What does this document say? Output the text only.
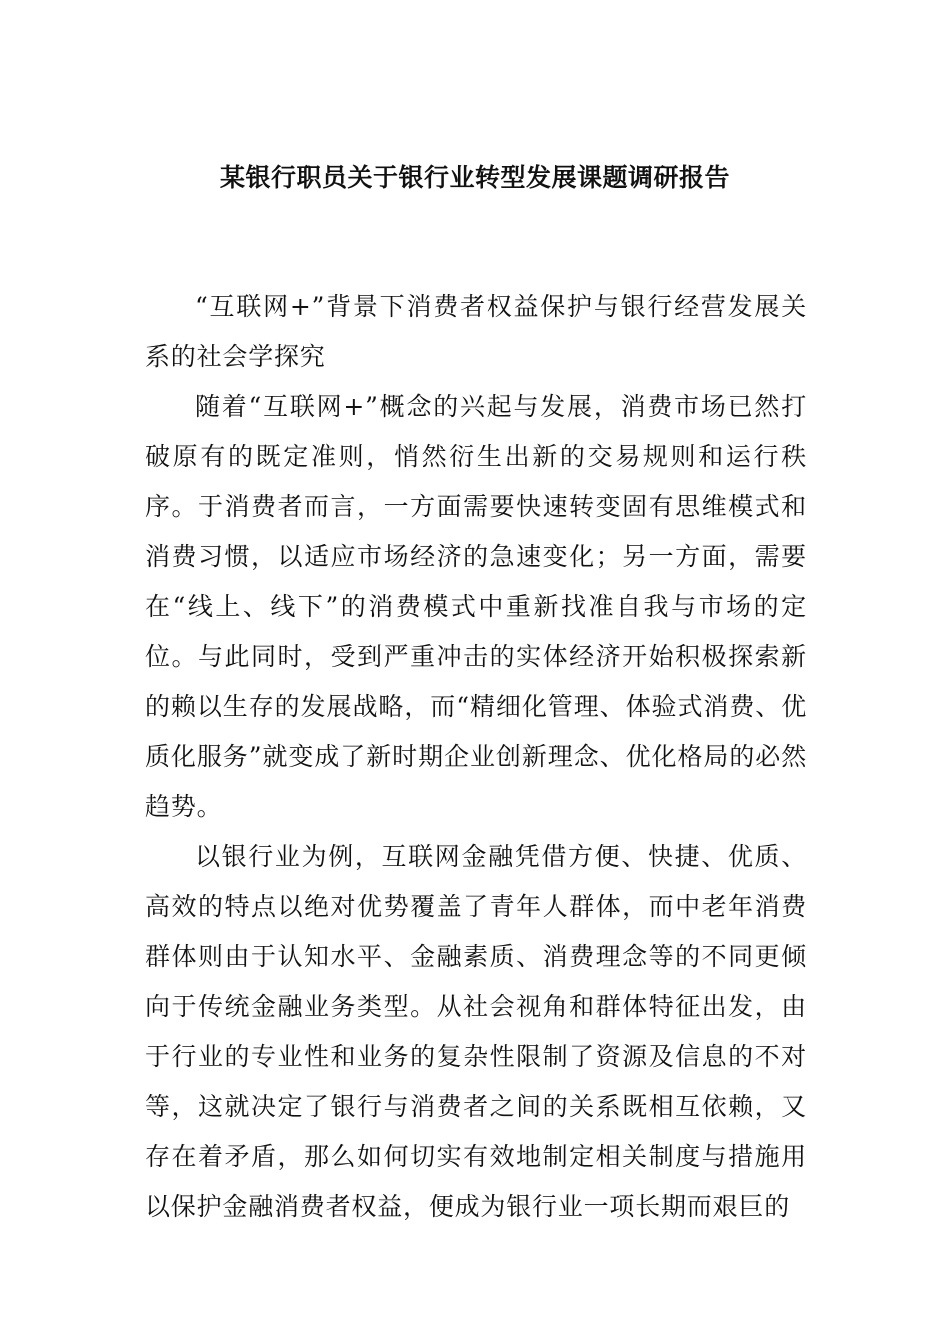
某银行职员关于银行业转型发展课题调研报告

“互联网+”背景下消费者权益保护与银行经营发展关系的社会学探究

随着“互联网+”概念的兴起与发展，消费市场已然打破原有的既定准则，悄然衍生出新的交易规则和运行秩序。于消费者而言，一方面需要快速转变固有思维模式和消费习惯，以适应市场经济的急速变化；另一方面，需要在“线上、线下”的消费模式中重新找准自我与市场的定位。与此同时，受到严重冲击的实体经济开始积极探索新的赖以生存的发展战略，而“精细化管理、体验式消费、优质化服务”就变成了新时期企业创新理念、优化格局的必然趋势。

以银行业为例，互联网金融凭借方便、快捷、优质、高效的特点以绝对优势覆盖了青年人群体，而中老年消费群体则由于认知水平、金融素质、消费理念等的不同更倾向于传统金融业务类型。从社会视角和群体特征出发，由于行业的专业性和业务的复杂性限制了资源及信息的不对等，这就决定了银行与消费者之间的关系既相互依赖，又存在着矛盾，那么如何切实有效地制定相关制度与措施用以保护金融消费者权益，便成为银行业一项长期而艰巨的
